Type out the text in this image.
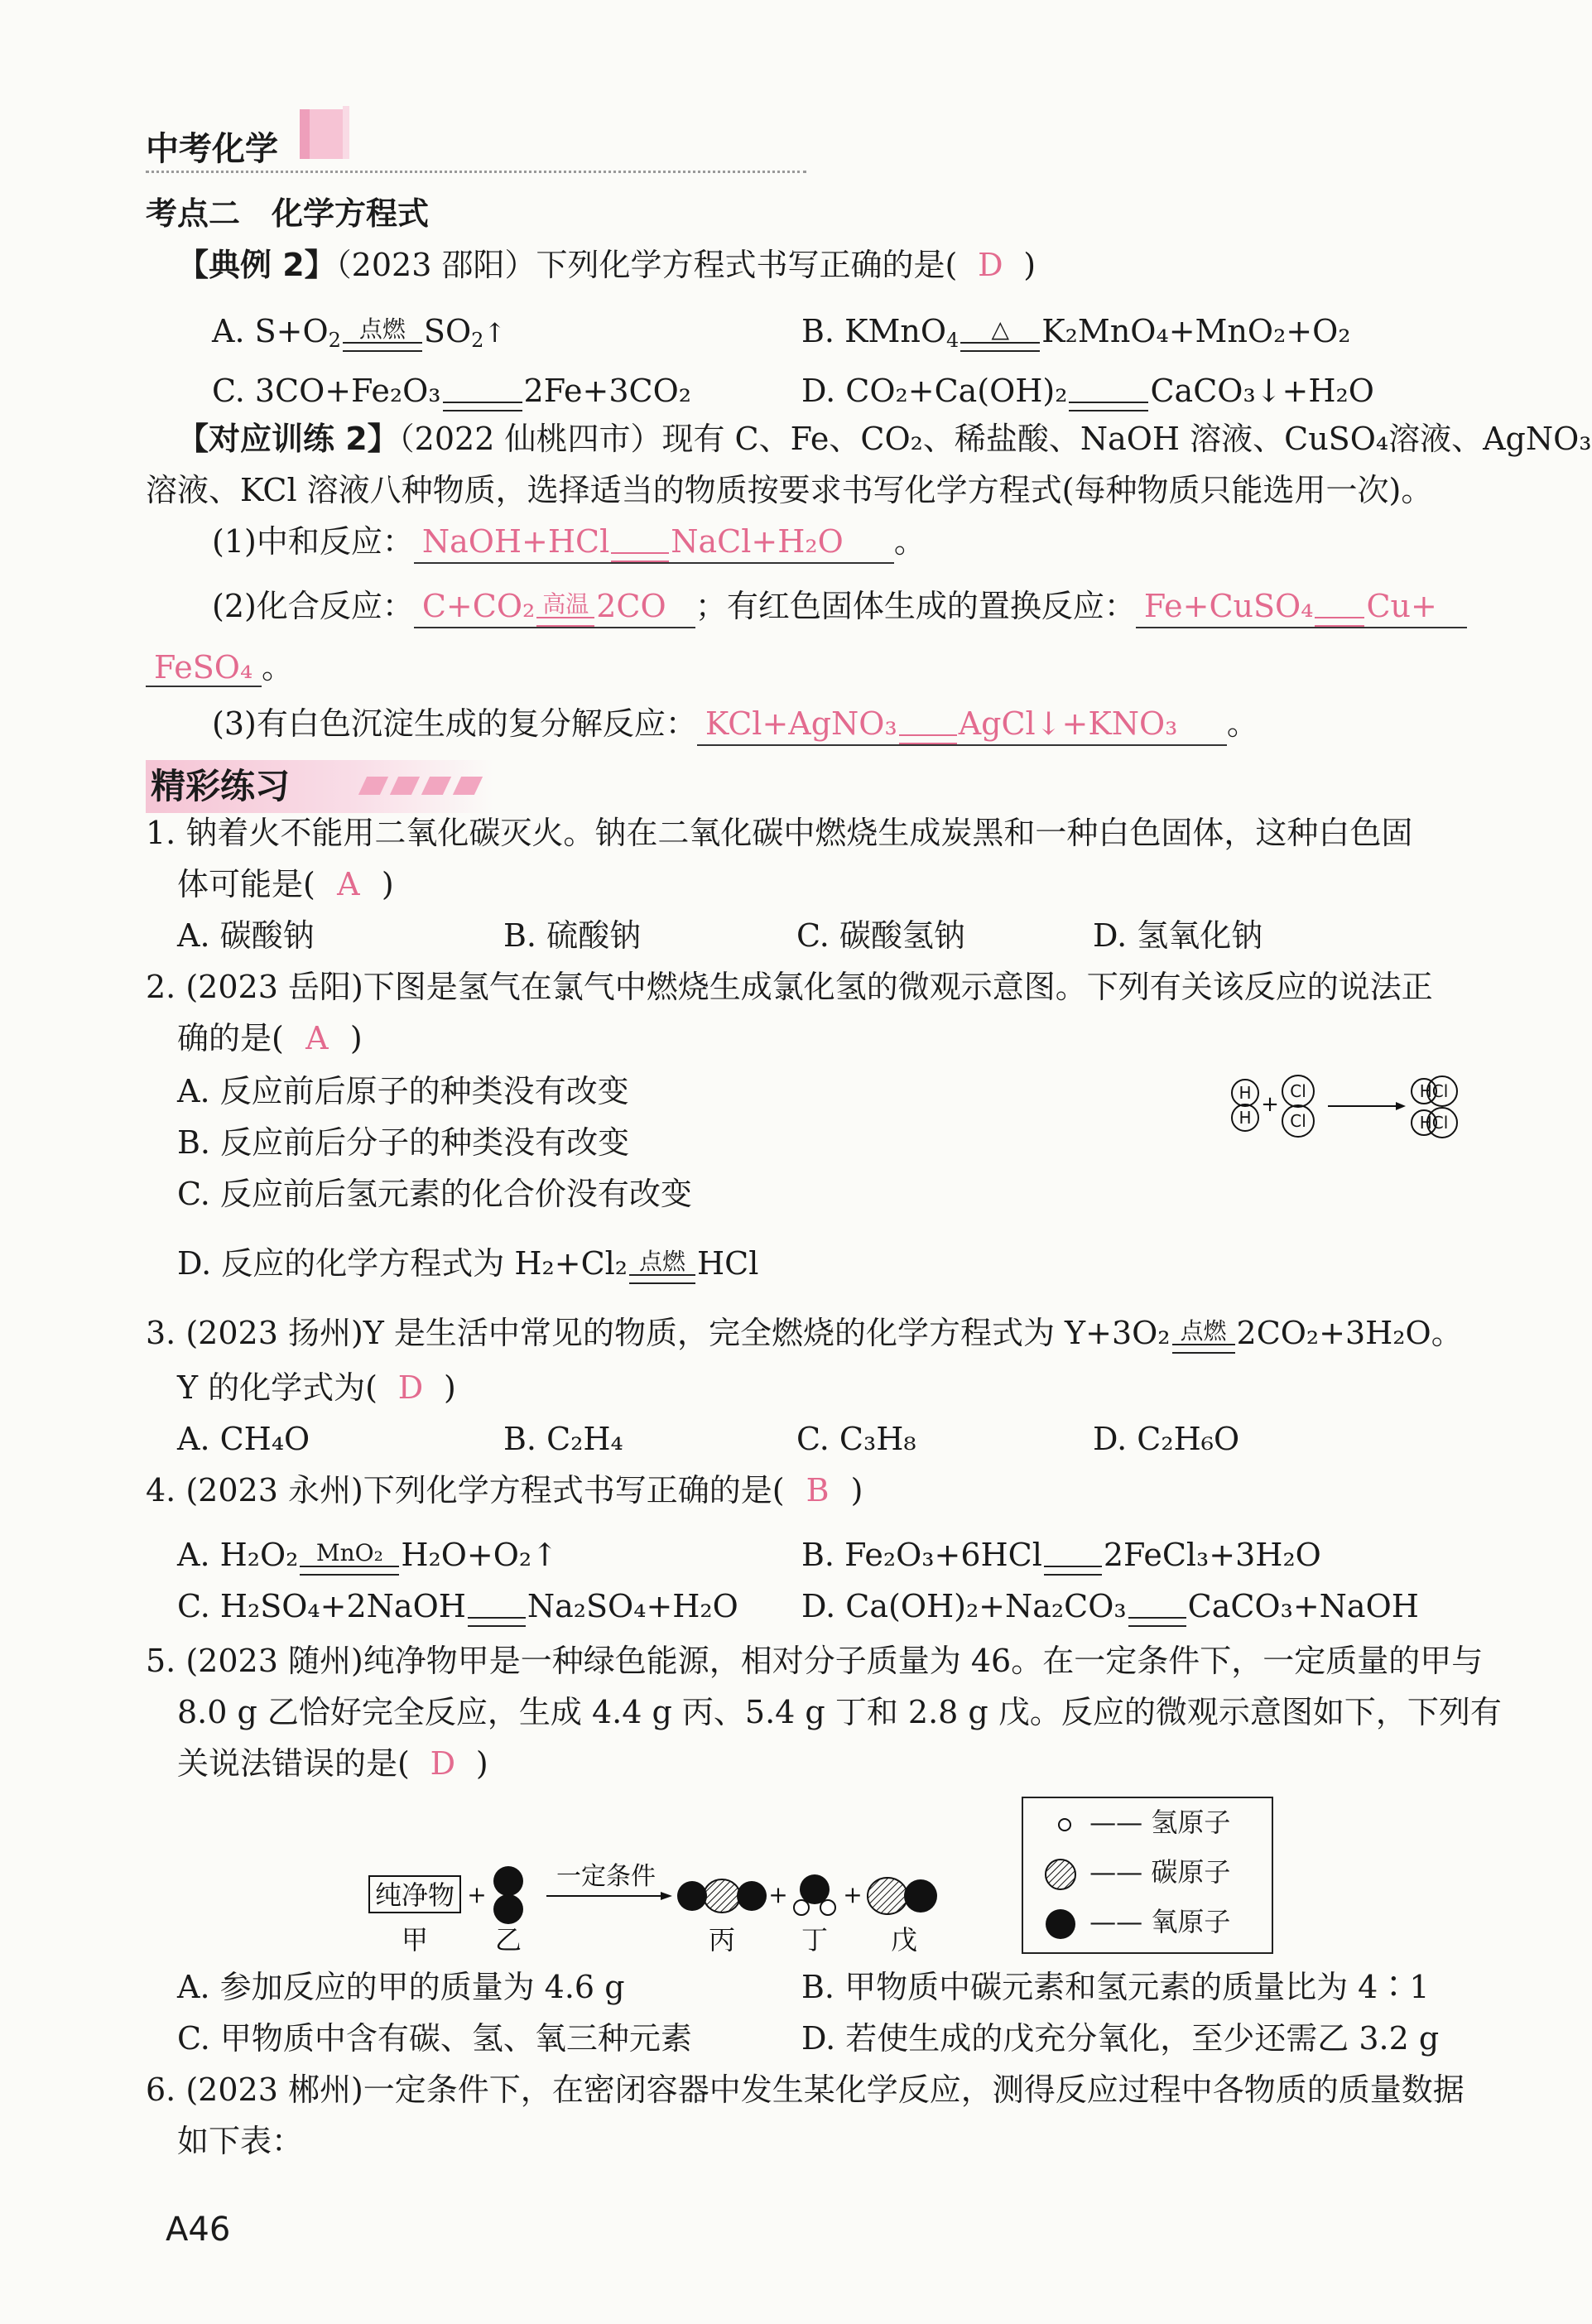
中考化学
考点二　化学方程式
【典例 2】（2023 邵阳）下列化学方程式书写正确的是( D )
A. $S+O_2$ 点燃 $SO_2↑$	B. KMnO$_4$ △ K₂MnO₄+MnO₂+O₂
C. 3CO+Fe₂O₃	2Fe+3CO₂	D. CO₂+Ca(OH)₂	CaCO₃↓+H₂O
【对应训练 2】（2022 仙桃四市）现有 C、Fe、CO₂、稀盐酸、NaOH 溶液、CuSO₄溶液、AgNO₃
溶液、KCl 溶液八种物质，选择适当的物质按要求书写化学方程式(每种物质只能选用一次)。
(1)中和反应： NaOH+HCl NaCl+H₂O 。
(2)化合反应： C+CO₂ 高温 2CO ；有红色固体生成的置换反应： Fe+CuSO₄ Cu+
FeSO₄ 。
(3)有白色沉淀生成的复分解反应： KCl+AgNO₃ AgCl↓+KNO₃ 。
精彩练习
1. 钠着火不能用二氧化碳灭火。钠在二氧化碳中燃烧生成炭黑和一种白色固体，这种白色固
体可能是( A )
A. 碳酸钠	B. 硫酸钠	C. 碳酸氢钠	D. 氢氧化钠
2. (2023 岳阳)下图是氢气在氯气中燃烧生成氯化氢的微观示意图。下列有关该反应的说法正
确的是( A )
A. 反应前后原子的种类没有改变
B. 反应前后分子的种类没有改变
C. 反应前后氢元素的化合价没有改变
D. 反应的化学方程式为 H₂+Cl₂ 点燃 HCl
H
H
+
Cl
Cl
HCl
HCl
3. (2023 扬州)Y 是生活中常见的物质，完全燃烧的化学方程式为 Y+3O₂ 点燃 2CO₂+3H₂O。
Y 的化学式为( D )
A. CH₄O	B. C₂H₄	C. C₃H₈	D. C₂H₆O
4. (2023 永州)下列化学方程式书写正确的是( B )
A. H₂O₂ MnO₂ H₂O+O₂↑	B. Fe₂O₃+6HCl 2FeCl₃+3H₂O
C. H₂SO₄+2NaOH Na₂SO₄+H₂O D. Ca(OH)₂+Na₂CO₃ CaCO₃+NaOH
5. (2023 随州)纯净物甲是一种绿色能源，相对分子质量为 46。在一定条件下，一定质量的甲与
8.0 g 乙恰好完全反应，生成 4.4 g 丙、5.4 g 丁和 2.8 g 戊。反应的微观示意图如下，下列有
关说法错误的是( D )
纯净物 +
一定条件
+ +
甲	乙	丙 丁 戊
—— 氢原子
—— 碳原子
—— 氧原子
A. 参加反应的甲的质量为 4.6 g	B. 甲物质中碳元素和氢元素的质量比为 4∶1
C. 甲物质中含有碳、氢、氧三种元素	D. 若使生成的戊充分氧化，至少还需乙 3.2 g
6. (2023 郴州)一定条件下，在密闭容器中发生某化学反应，测得反应过程中各物质的质量数据
如下表：
A46
